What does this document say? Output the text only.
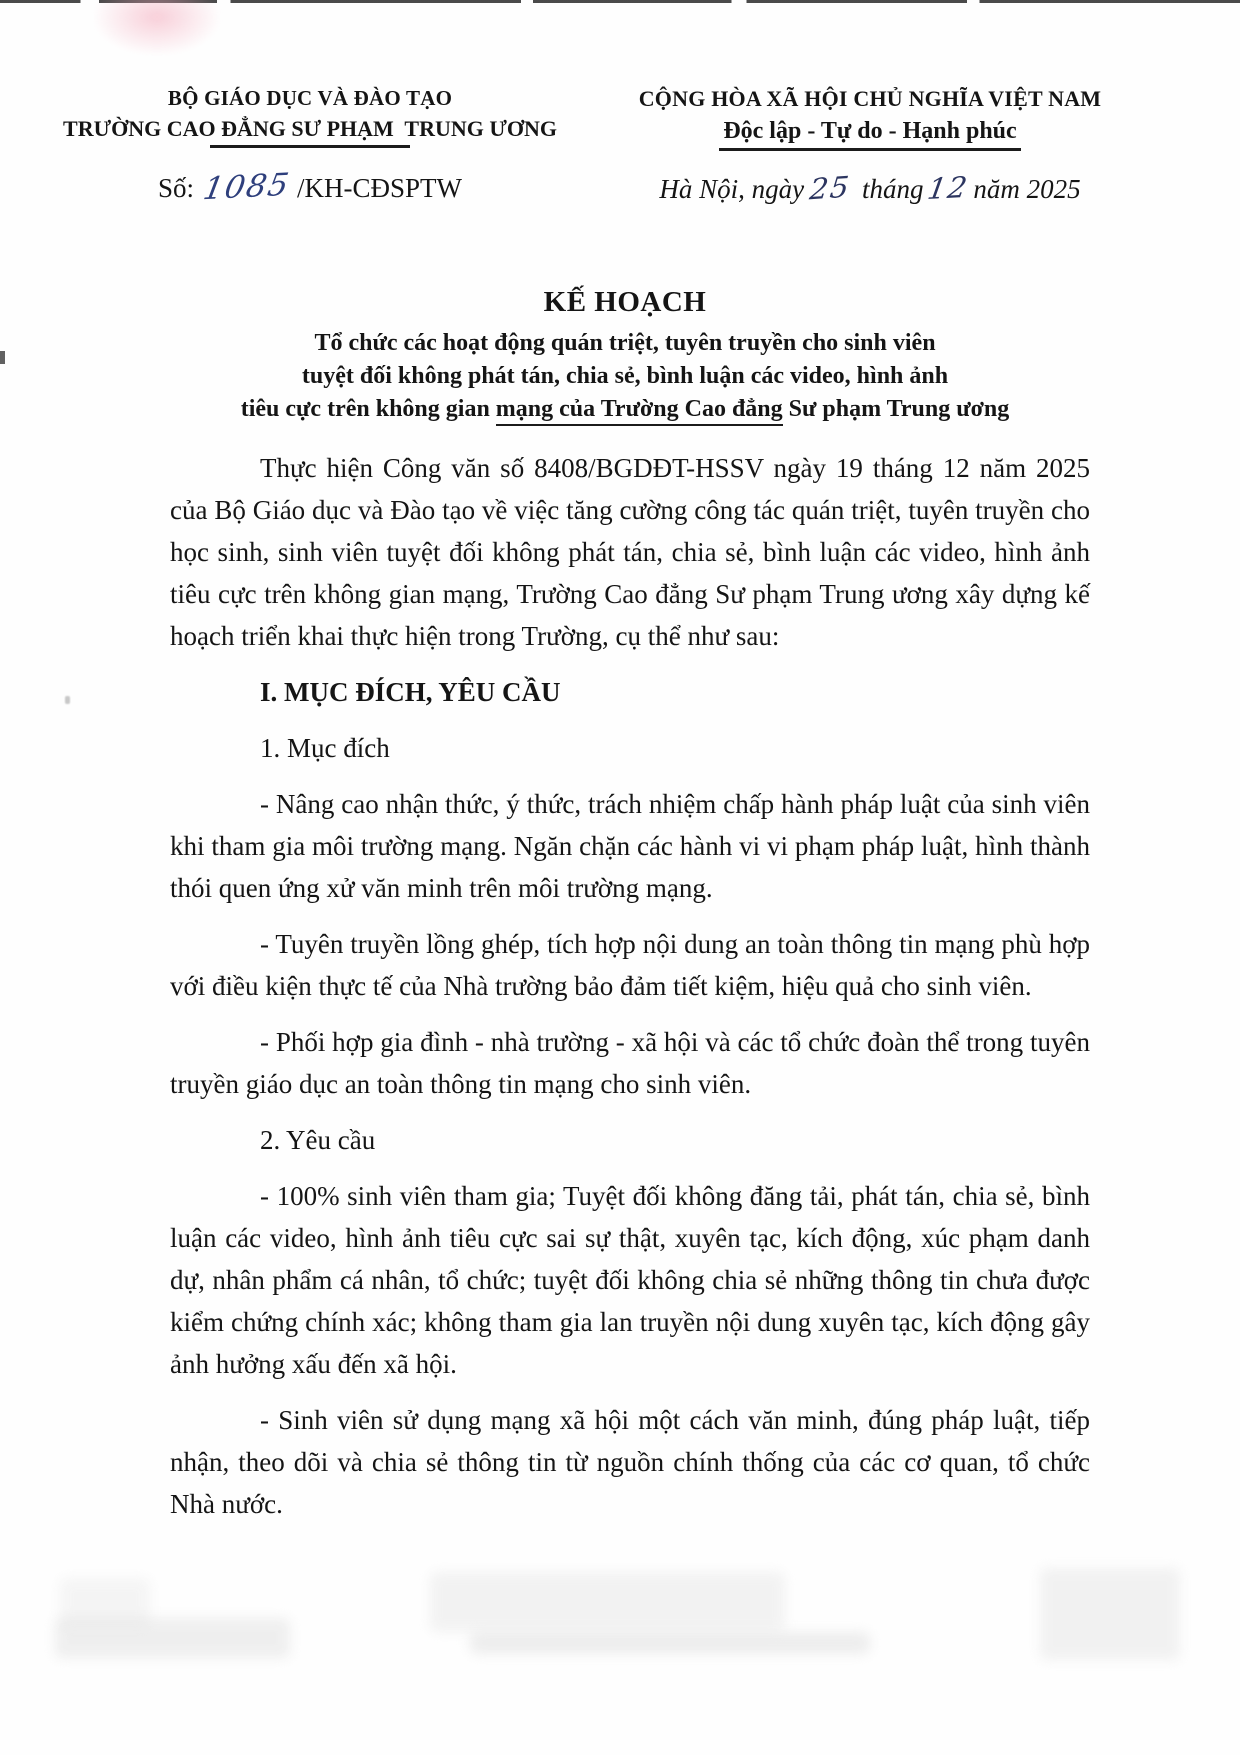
BỘ GIÁO DỤC VÀ ĐÀO TẠO
TRƯỜNG CAO ĐẲNG SƯ PHẠM  TRUNG ƯƠNG
Số: 1085 /KH-CĐSPTW
CỘNG HÒA XÃ HỘI CHỦ NGHĨA VIỆT NAM
Độc lập - Tự do - Hạnh phúc
Hà Nội, ngày 25 tháng12 năm 2025
KẾ HOẠCH
Tổ chức các hoạt động quán triệt, tuyên truyền cho sinh viên
tuyệt đối không phát tán, chia sẻ, bình luận các video, hình ảnh
tiêu cực trên không gian mạng của Trường Cao đẳng Sư phạm Trung ương

Thực hiện Công văn số 8408/BGDĐT-HSSV ngày 19 tháng 12 năm 2025 của Bộ Giáo dục và Đào tạo về việc tăng cường công tác quán triệt, tuyên truyền cho học sinh, sinh viên tuyệt đối không phát tán, chia sẻ, bình luận các video, hình ảnh tiêu cực trên không gian mạng, Trường Cao đẳng Sư phạm Trung ương xây dựng kế hoạch triển khai thực hiện trong Trường, cụ thể như sau:

I. MỤC ĐÍCH, YÊU CẦU

1. Mục đích

- Nâng cao nhận thức, ý thức, trách nhiệm chấp hành pháp luật của sinh viên khi tham gia môi trường mạng. Ngăn chặn các hành vi vi phạm pháp luật, hình thành thói quen ứng xử văn minh trên môi trường mạng.

- Tuyên truyền lồng ghép, tích hợp nội dung an toàn thông tin mạng phù hợp với điều kiện thực tế của Nhà trường bảo đảm tiết kiệm, hiệu quả cho sinh viên.

- Phối hợp gia đình - nhà trường - xã hội và các tổ chức đoàn thể trong tuyên truyền giáo dục an toàn thông tin mạng cho sinh viên.

2. Yêu cầu

- 100% sinh viên tham gia; Tuyệt đối không đăng tải, phát tán, chia sẻ, bình luận các video, hình ảnh tiêu cực sai sự thật, xuyên tạc, kích động, xúc phạm danh dự, nhân phẩm cá nhân, tổ chức; tuyệt đối không chia sẻ những thông tin chưa được kiểm chứng chính xác; không tham gia lan truyền nội dung xuyên tạc, kích động gây ảnh hưởng xấu đến xã hội.

- Sinh viên sử dụng mạng xã hội một cách văn minh, đúng pháp luật, tiếp nhận, theo dõi và chia sẻ thông tin từ nguồn chính thống của các cơ quan, tổ chức Nhà nước.
